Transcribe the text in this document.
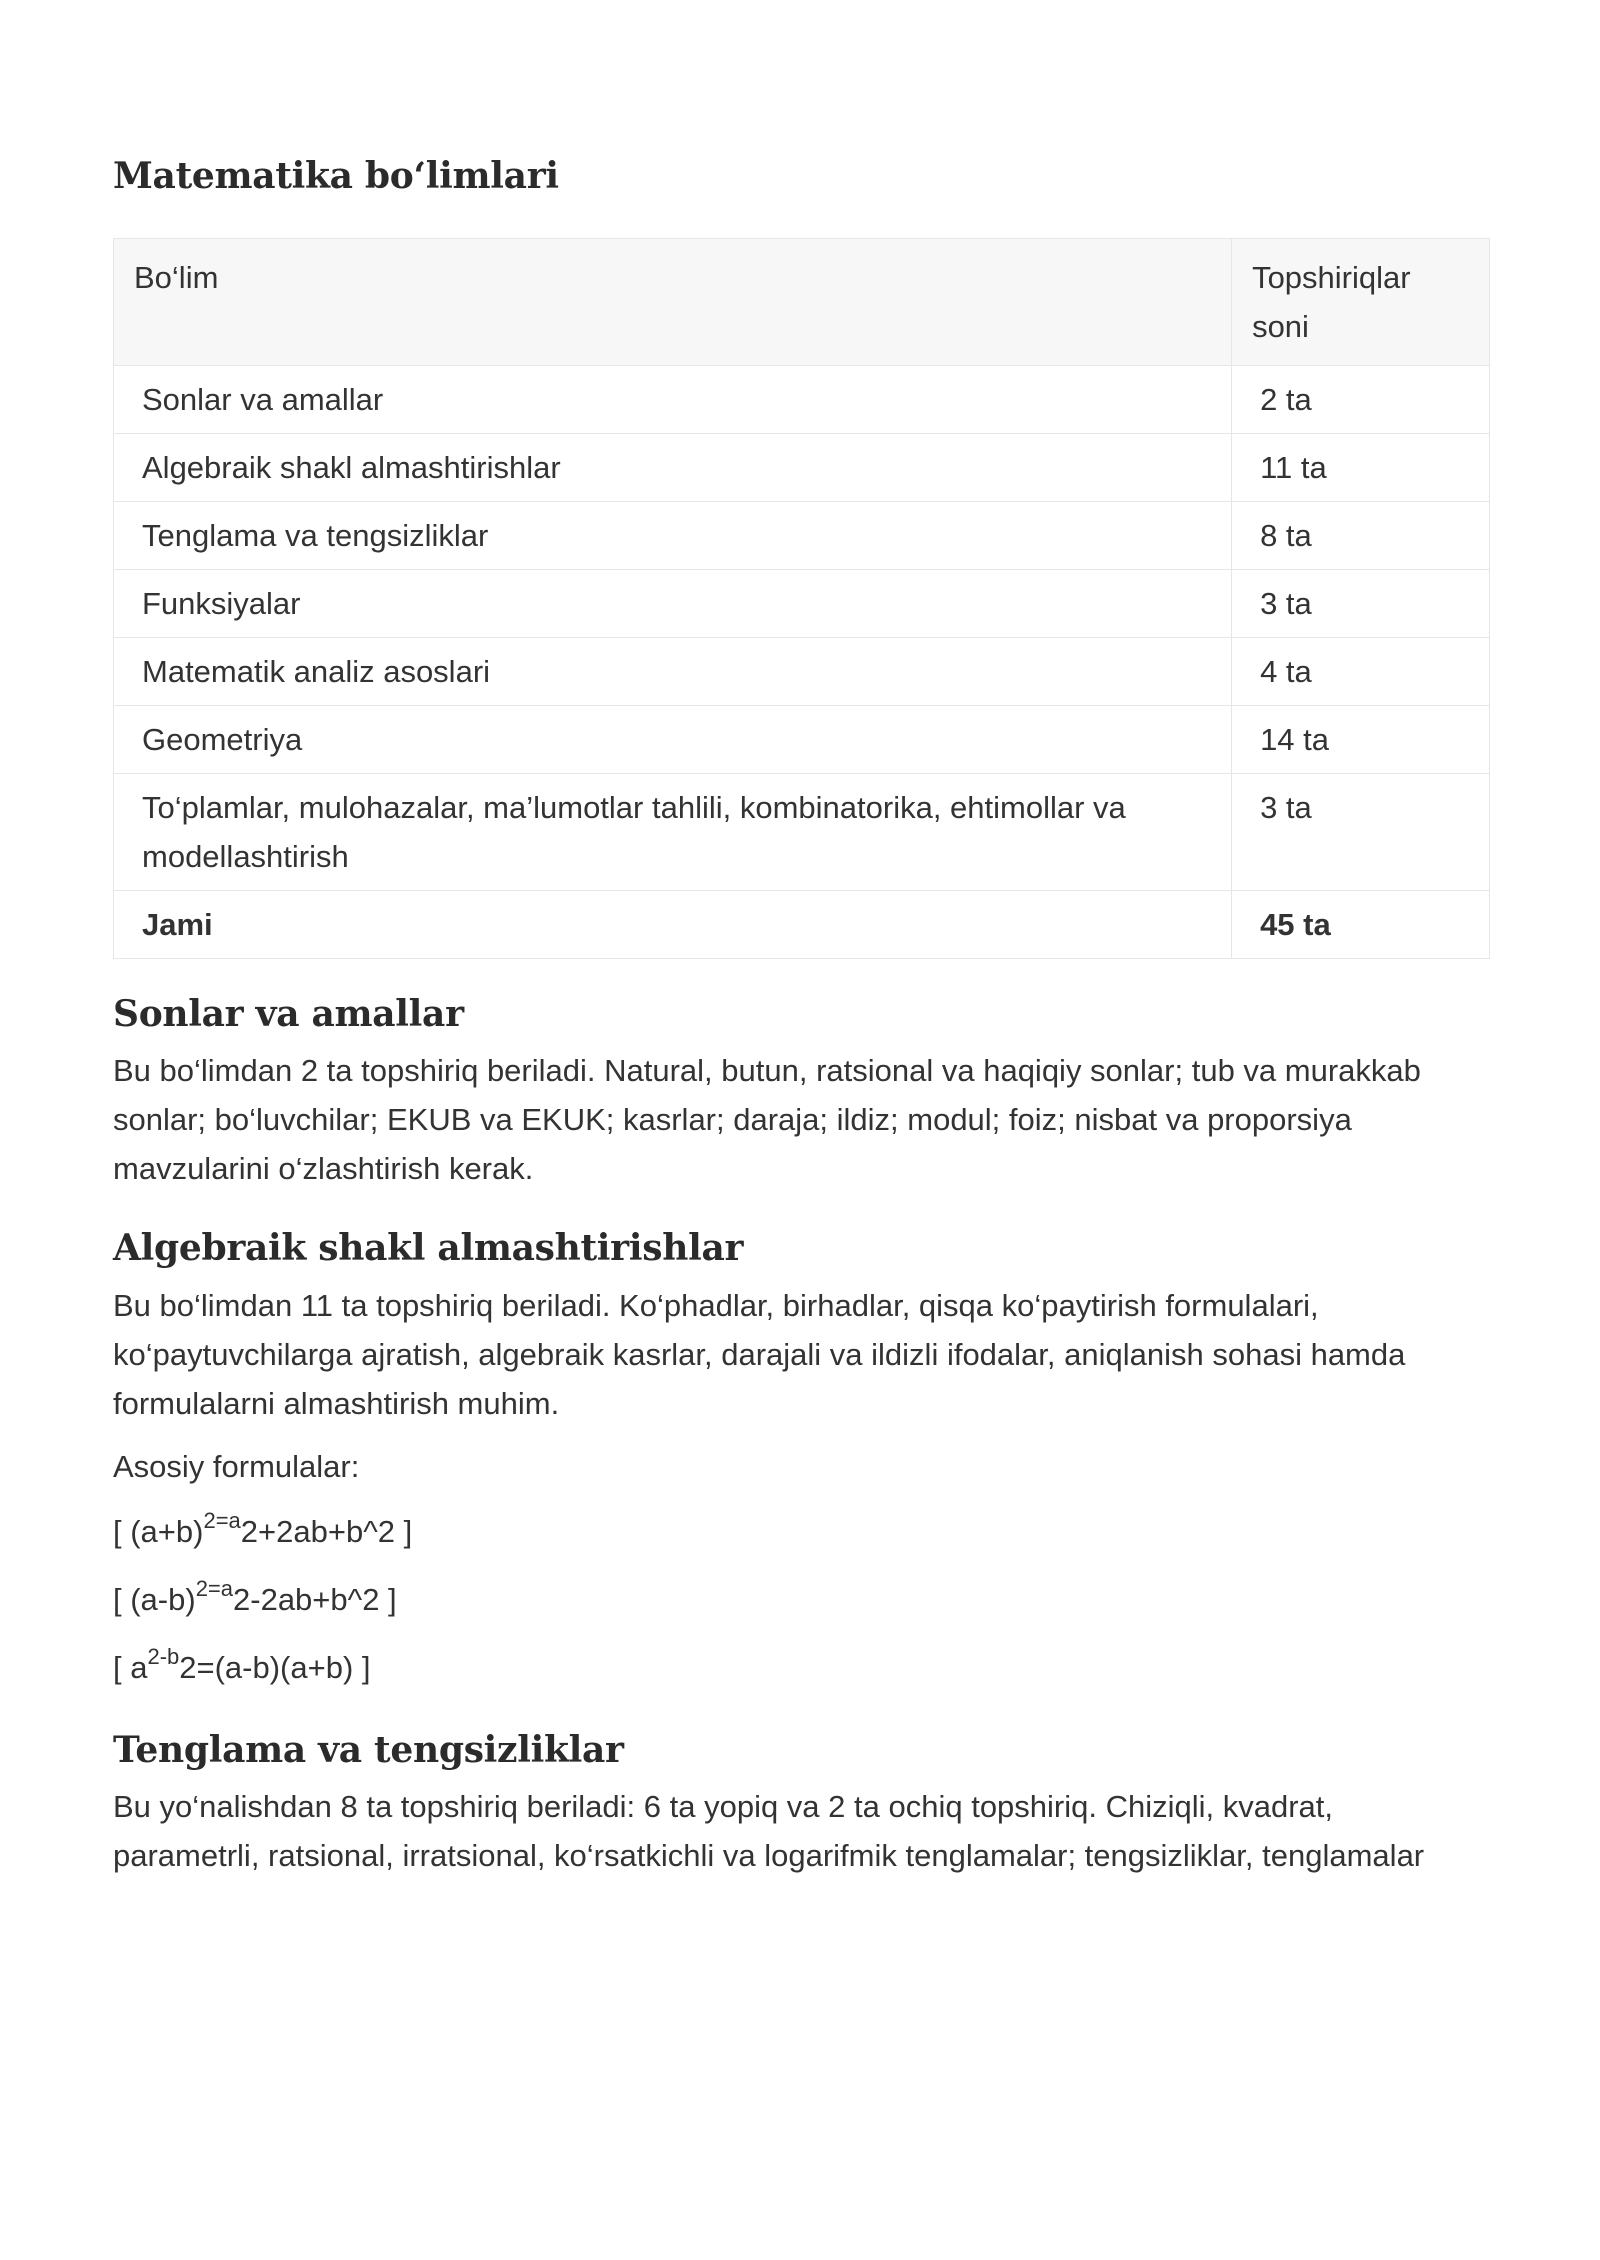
Matematika bo‘limlari
Bo‘lim	Topshiriqlar soni
Sonlar va amallar	2 ta
Algebraik shakl almashtirishlar	11 ta
Tenglama va tengsizliklar	8 ta
Funksiyalar	3 ta
Matematik analiz asoslari	4 ta
Geometriya	14 ta
To‘plamlar, mulohazalar, ma’lumotlar tahlili, kombinatorika, ehtimollar va modellashtirish	3 ta
Jami	45 ta
Sonlar va amallar

Bu bo‘limdan 2 ta topshiriq beriladi. Natural, butun, ratsional va haqiqiy sonlar; tub va murakkab sonlar; bo‘luvchilar; EKUB va EKUK; kasrlar; daraja; ildiz; modul; foiz; nisbat va proporsiya mavzularini o‘zlashtirish kerak.

Algebraik shakl almashtirishlar

Bu bo‘limdan 11 ta topshiriq beriladi. Ko‘phadlar, birhadlar, qisqa ko‘paytirish formulalari, ko‘paytuvchilarga ajratish, algebraik kasrlar, darajali va ildizli ifodalar, aniqlanish sohasi hamda formulalarni almashtirish muhim.

Asosiy formulalar:

[ $(a+b)^{2=a}2+2ab+b\^{}2$ ]
[ $(a-b)^{2=a}2-2ab+b\^{}2$ ]
[ $a^{2-b}2=(a-b)(a+b)$ ]
Tenglama va tengsizliklar

Bu yo‘nalishdan 8 ta topshiriq beriladi: 6 ta yopiq va 2 ta ochiq topshiriq. Chiziqli, kvadrat, parametrli, ratsional, irratsional, ko‘rsatkichli va logarifmik tenglamalar; tengsizliklar, tenglamalar
